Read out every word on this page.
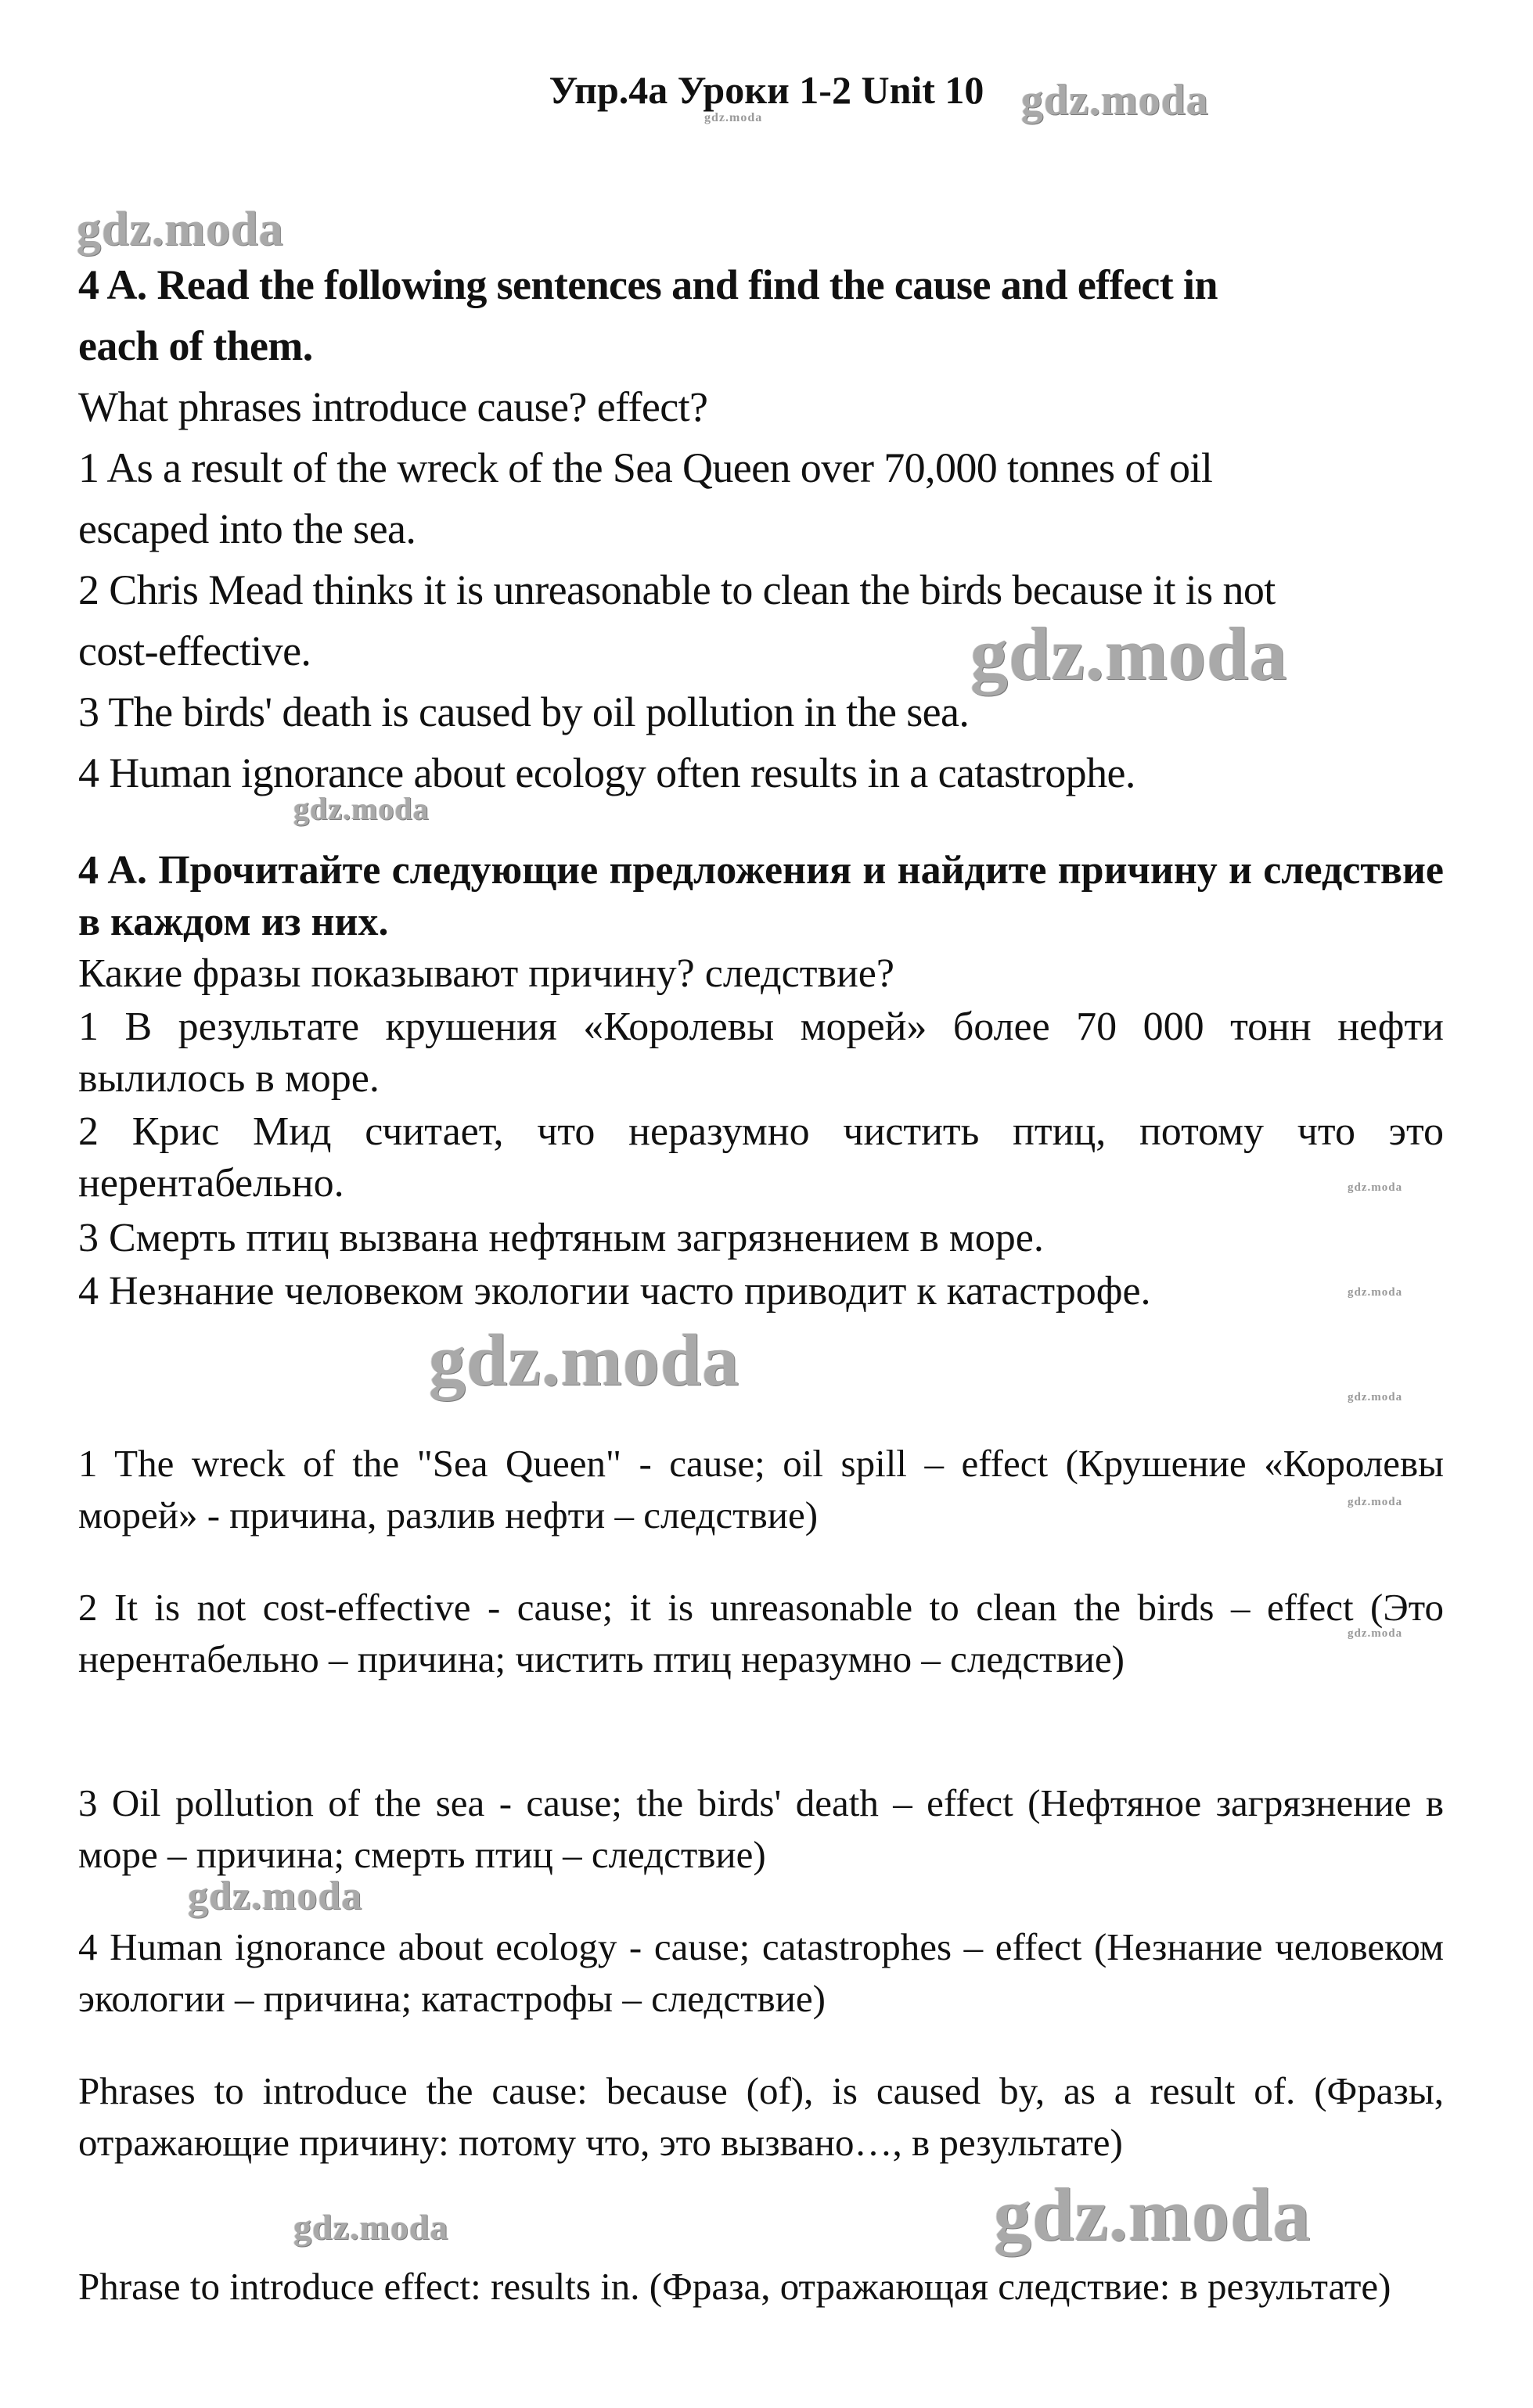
Упр.4a Уроки 1-2 Unit 10 gdz.moda
gdz.moda
gdz.moda
gdz.moda
gdz.moda
gdz.moda
gdz.moda
gdz.moda	gdz.moda
gdz.moda
gdz.moda
gdz.moda
gdz.moda
gdz.moda
4 A. Read the following sentences and find the cause and effect in
each of them.
What phrases introduce cause? effect?
1 As a result of the wreck of the Sea Queen over 70,000 tonnes of oil
escaped into the sea.
2 Chris Mead thinks it is unreasonable to clean the birds because it is not
cost-effective.
3 The birds' death is caused by oil pollution in the sea.
4 Human ignorance about ecology often results in a catastrophe.
4 A. Прочитайте следующие предложения и найдите причину и следствие в каждом из них.
Какие фразы показывают причину? следствие?
1 В результате крушения «Королевы морей» более 70 000 тонн нефти вылилось в море.
2 Крис Мид считает, что неразумно чистить птиц, потому что это нерентабельно.
3 Смерть птиц вызвана нефтяным загрязнением в море.
4 Незнание человеком экологии часто приводит к катастрофе.
1 The wreck of the "Sea Queen" - cause; oil spill – effect (Крушение «Королевы морей» - причина, разлив нефти – следствие)
2 It is not cost-effective - cause; it is unreasonable to clean the birds – effect (Это нерентабельно – причина; чистить птиц неразумно – следствие)
3 Oil pollution of the sea - cause; the birds' death – effect (Нефтяное загрязнение в море – причина; смерть птиц – следствие)
4 Human ignorance about ecology - cause; catastrophes – effect (Незнание человеком экологии – причина; катастрофы – следствие)
Phrases to introduce the cause: because (of), is caused by, as a result of. (Фразы, отражающие причину: потому что, это вызвано…, в результате)
Phrase to introduce effect: results in. (Фраза, отражающая следствие: в результате)
